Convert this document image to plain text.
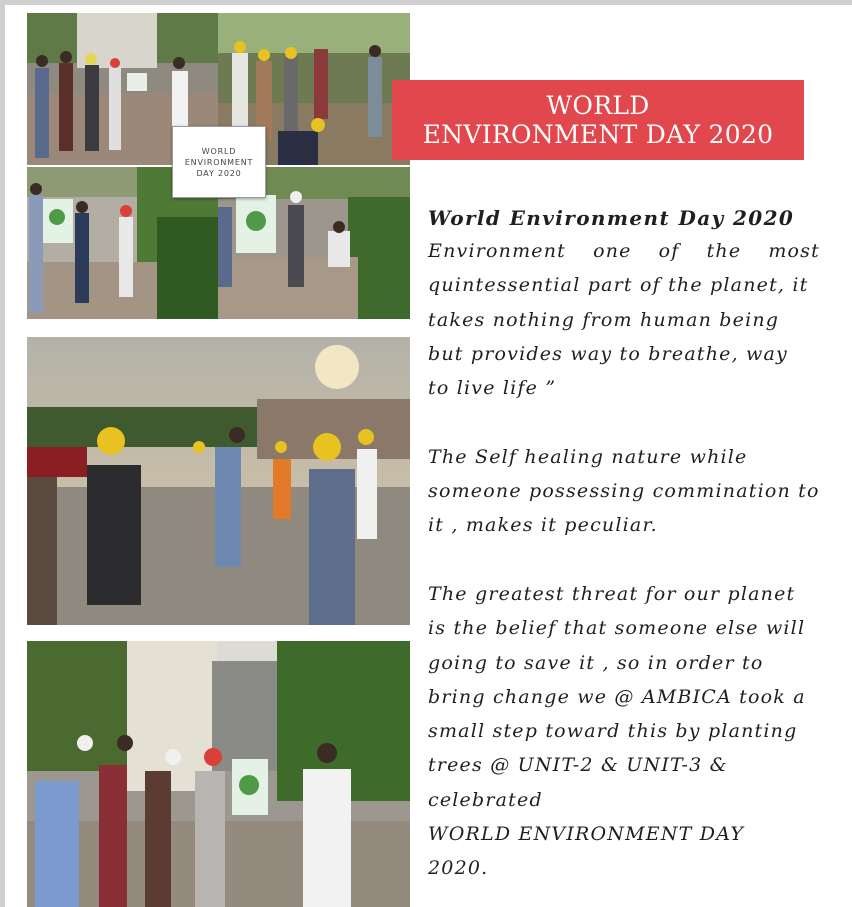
WORLD
ENVIRONMENT
DAY 2020
WORLD
ENVIRONMENT DAY 2020

World Environment Day 2020

Environment one of the most

quintessential part of the planet, it

takes nothing from human being

but provides way to breathe, way

to live life ”

The Self healing nature while

someone possessing commination to

it , makes it peculiar.

The greatest threat for our planet

is the belief that someone else will

going to save it , so in order to

bring change we @ AMBICA took a

small step toward this by planting

trees @ UNIT-2 & UNIT-3 &

celebrated

WORLD ENVIRONMENT DAY

2020.
